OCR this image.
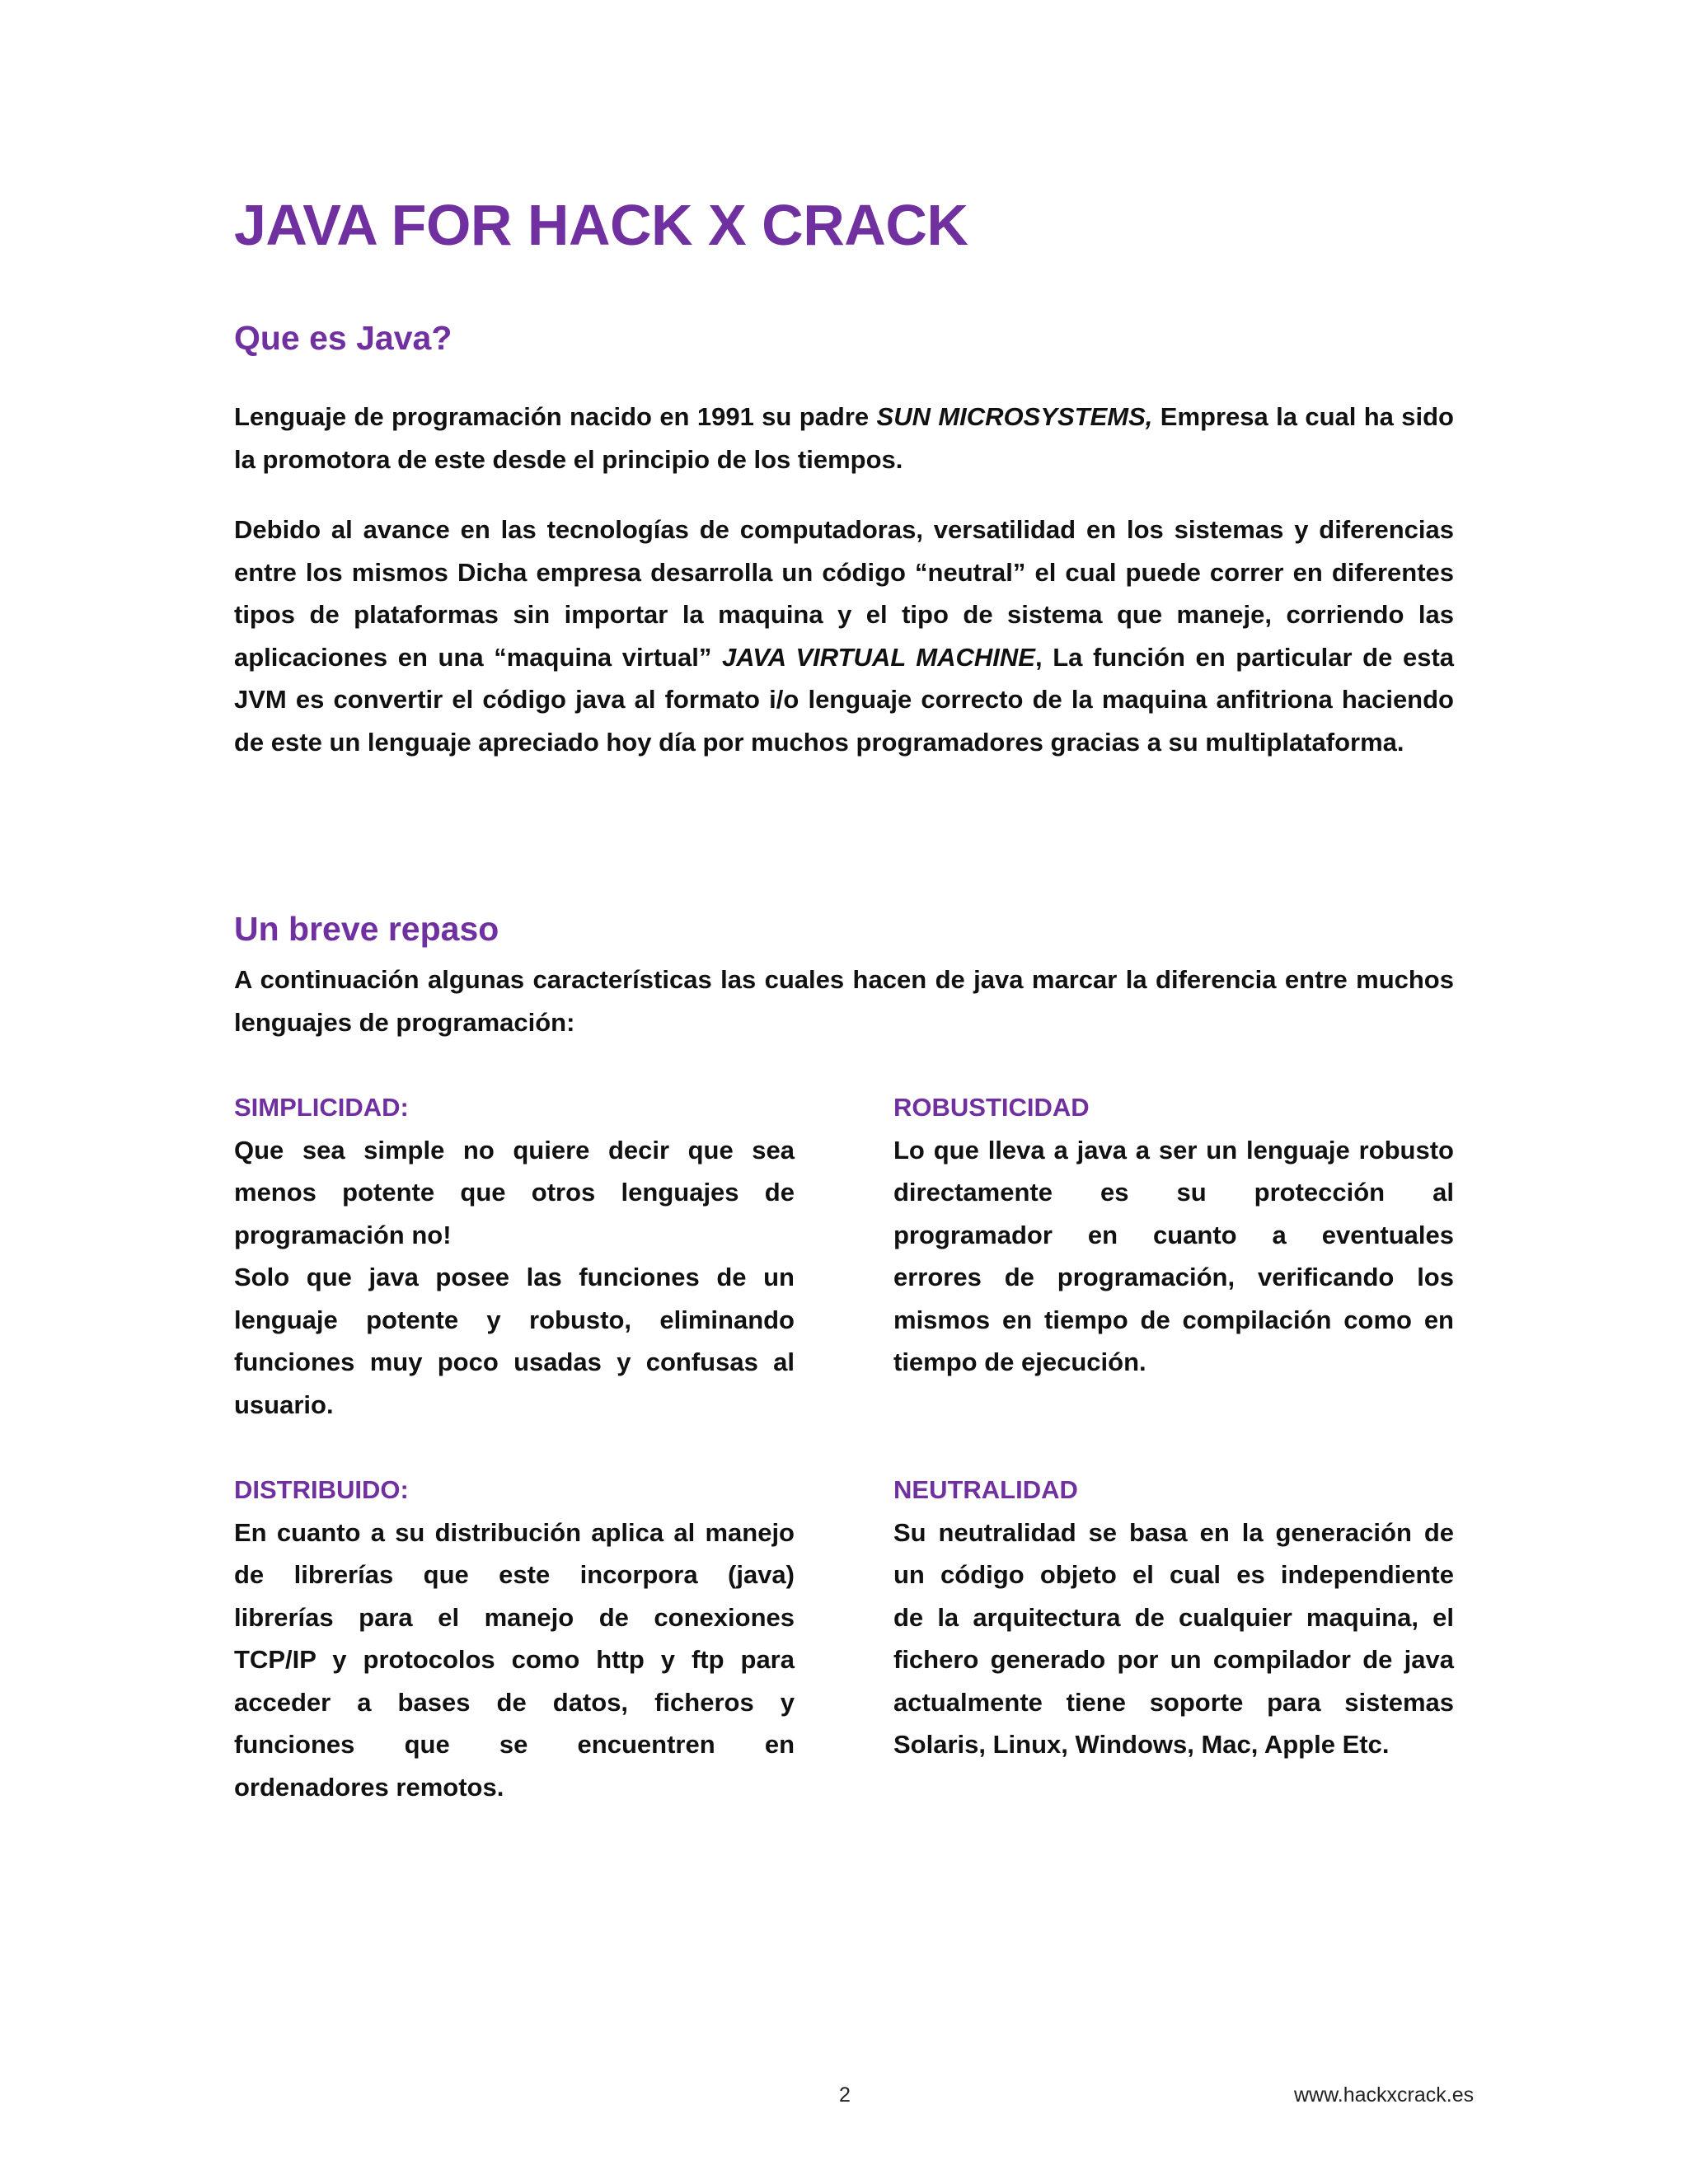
JAVA FOR HACK X CRACK
Que es Java?

Lenguaje de programación nacido en 1991 su padre SUN MICROSYSTEMS, Empresa la cual ha sido la promotora de este desde el principio de los tiempos.

Debido al avance en las tecnologías de computadoras, versatilidad en los sistemas y diferencias entre los mismos Dicha empresa desarrolla un código “neutral” el cual puede correr en diferentes tipos de plataformas sin importar la maquina y el tipo de sistema que maneje, corriendo las aplicaciones en una “maquina virtual” JAVA VIRTUAL MACHINE, La función en particular de esta JVM es convertir el código java al formato i/o lenguaje correcto de la maquina anfitriona haciendo de este un lenguaje apreciado hoy día por muchos programadores gracias a su multiplataforma.

Un breve repaso

A continuación algunas características las cuales hacen de java marcar la diferencia entre muchos lenguajes de programación:

SIMPLICIDAD:

Que sea simple no quiere decir que sea
menos potente que otros lenguajes de
programación no!
Solo que java posee las funciones de un
lenguaje potente y robusto, eliminando
funciones muy poco usadas y confusas al
usuario.

ROBUSTICIDAD

Lo que lleva a java a ser un lenguaje robusto
directamente es su protección al
programador en cuanto a eventuales
errores de programación, verificando los
mismos en tiempo de compilación como en
tiempo de ejecución.

DISTRIBUIDO:

En cuanto a su distribución aplica al manejo
de librerías que este incorpora (java)
librerías para el manejo de conexiones
TCP/IP y protocolos como http y ftp para
acceder a bases de datos, ficheros y
funciones que se encuentren en
ordenadores remotos.

NEUTRALIDAD

Su neutralidad se basa en la generación de
un código objeto el cual es independiente
de la arquitectura de cualquier maquina, el
fichero generado por un compilador de java
actualmente tiene soporte para sistemas
Solaris, Linux, Windows, Mac, Apple Etc.

2	www.hackxcrack.es
